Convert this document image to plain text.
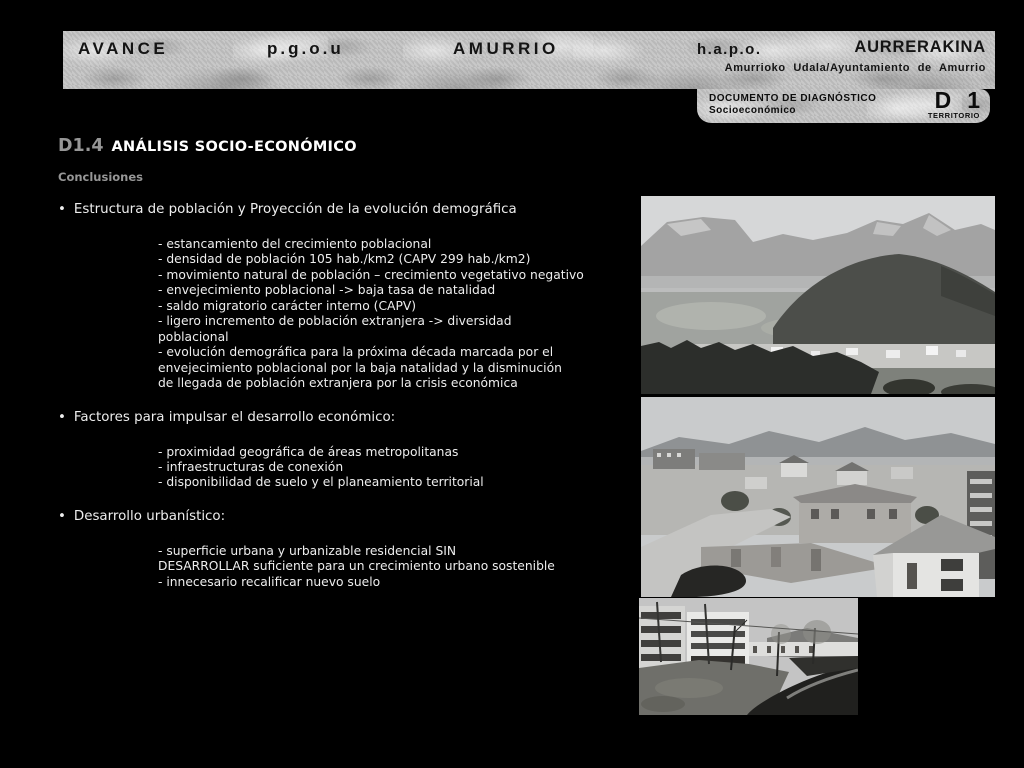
AVANCE	p.g.o.u	AMURRIO	h.a.p.o.	AURRERAKINA
Amurrioko Udala/Ayuntamiento de Amurrio
DOCUMENTO DE DIAGNÓSTICO
Socioeconómico	D 1
TERRITORIO
D1.4 ANÁLISIS SOCIO-ECONÓMICO
Conclusiones
• Estructura de población y Proyección de la evolución demográfica
- estancamiento del crecimiento poblacional
- densidad de población 105 hab./km2 (CAPV 299 hab./km2)
- movimiento natural de población – crecimiento vegetativo negativo
- envejecimiento poblacional -> baja tasa de natalidad
- saldo migratorio carácter interno (CAPV)
- ligero incremento de población extranjera -> diversidad
poblacional
- evolución demográfica para la próxima década marcada por el
envejecimiento poblacional por la baja natalidad y la disminución
de llegada de población extranjera por la crisis económica
• Factores para impulsar el desarrollo económico:
- proximidad geográfica de áreas metropolitanas
- infraestructuras de conexión
- disponibilidad de suelo y el planeamiento territorial
• Desarrollo urbanístico:
- superficie urbana y urbanizable residencial SIN
DESARROLLAR suficiente para un crecimiento urbano sostenible
- innecesario recalificar nuevo suelo
